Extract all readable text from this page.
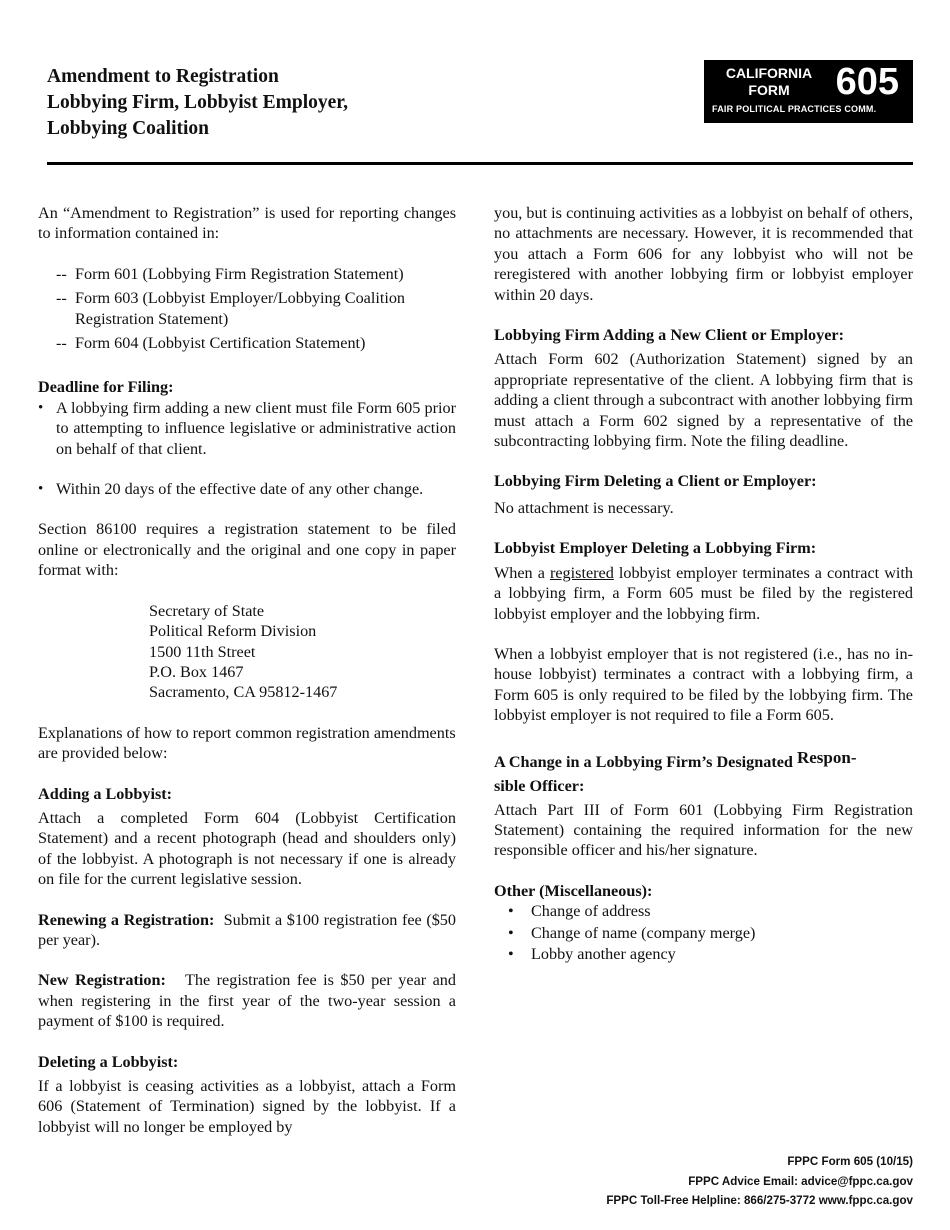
Amendment to Registration
Lobbying Firm, Lobbyist Employer,
Lobbying Coalition
CALIFORNIA
FORM	605
FAIR POLITICAL PRACTICES COMM.

An “Amendment to Registration” is used for reporting changes to information contained in:

-- Form 601 (Lobbying Firm Registration Statement)
-- Form 603 (Lobbyist Employer/Lobbying Coalition Registration Statement)
-- Form 604 (Lobbyist Certification Statement)
Deadline for Filing:
• A lobbying firm adding a new client must file Form 605 prior to attempting to influence legislative or administrative action on behalf of that client.
• Within 20 days of the effective date of any other change.

Section 86100 requires a registration statement to be filed online or electronically and the original and one copy in paper format with:

Secretary of State
Political Reform Division
1500 11th Street
P.O. Box 1467
Sacramento, CA 95812-1467

Explanations of how to report common registration amendments are provided below:

Adding a Lobbyist:

Attach a completed Form 604 (Lobbyist Certification Statement) and a recent photograph (head and shoulders only) of the lobbyist. A photograph is not necessary if one is already on file for the current legislative session.

Renewing a Registration: Submit a $100 registration fee ($50 per year).

New Registration: The registration fee is $50 per year and when registering in the first year of the two-year session a payment of $100 is required.

Deleting a Lobbyist:

If a lobbyist is ceasing activities as a lobbyist, attach a Form 606 (Statement of Termination) signed by the lobbyist. If a lobbyist will no longer be employed by

you, but is continuing activities as a lobbyist on behalf of others, no attachments are necessary. However, it is recommended that you attach a Form 606 for any lobbyist who will not be reregistered with another lobbying firm or lobbyist employer within 20 days.

Lobbying Firm Adding a New Client or Employer:

Attach Form 602 (Authorization Statement) signed by an appropriate representative of the client. A lobbying firm that is adding a client through a subcontract with another lobbying firm must attach a Form 602 signed by a representative of the subcontracting lobbying firm. Note the filing deadline.

Lobbying Firm Deleting a Client or Employer:

No attachment is necessary.

Lobbyist Employer Deleting a Lobbying Firm:

When a registered lobbyist employer terminates a contract with a lobbying firm, a Form 605 must be filed by the registered lobbyist employer and the lobbying firm.

When a lobbyist employer that is not registered (i.e., has no in-house lobbyist) terminates a contract with a lobbying firm, a Form 605 is only required to be filed by the lobbying firm. The lobbyist employer is not required to file a Form 605.

A Change in a Lobbying Firm’s Designated Respon-
sible Officer:

Attach Part III of Form 601 (Lobbying Firm Registration Statement) containing the required information for the new responsible officer and his/her signature.

Other (Miscellaneous):
•	Change of address
•	Change of name (company merge)
•	Lobby another agency
FPPC Form 605 (10/15)
FPPC Advice Email: advice@fppc.ca.gov
FPPC Toll-Free Helpline: 866/275-3772 www.fppc.ca.gov
